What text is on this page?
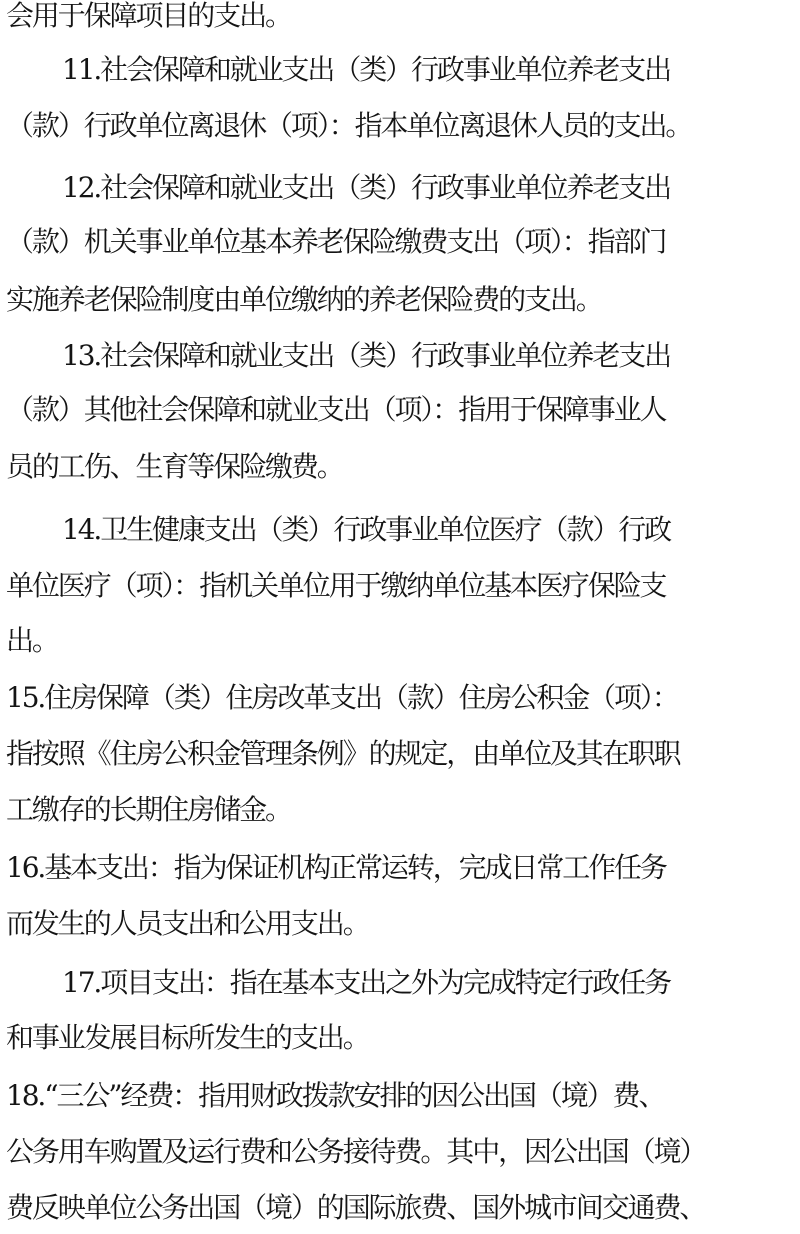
会用于保障项目的支出。
11.社会保障和就业支出（类）行政事业单位养老支出
（款）行政单位离退休（项）：指本单位离退休人员的支出。
12.社会保障和就业支出（类）行政事业单位养老支出
（款）机关事业单位基本养老保险缴费支出（项）：指部门
实施养老保险制度由单位缴纳的养老保险费的支出。
13.社会保障和就业支出（类）行政事业单位养老支出
（款）其他社会保障和就业支出（项）：指用于保障事业人
员的工伤、生育等保险缴费。
14.卫生健康支出（类）行政事业单位医疗（款）行政
单位医疗（项）：指机关单位用于缴纳单位基本医疗保险支
出。
15.住房保障（类）住房改革支出（款）住房公积金（项）：
指按照《住房公积金管理条例》的规定，由单位及其在职职
工缴存的长期住房储金。
16.基本支出：指为保证机构正常运转，完成日常工作任务
而发生的人员支出和公用支出。
17.项目支出：指在基本支出之外为完成特定行政任务
和事业发展目标所发生的支出。
18.“三公”经费：指用财政拨款安排的因公出国（境）费、
公务用车购置及运行费和公务接待费。其中，因公出国（境）
费反映单位公务出国（境）的国际旅费、国外城市间交通费、
